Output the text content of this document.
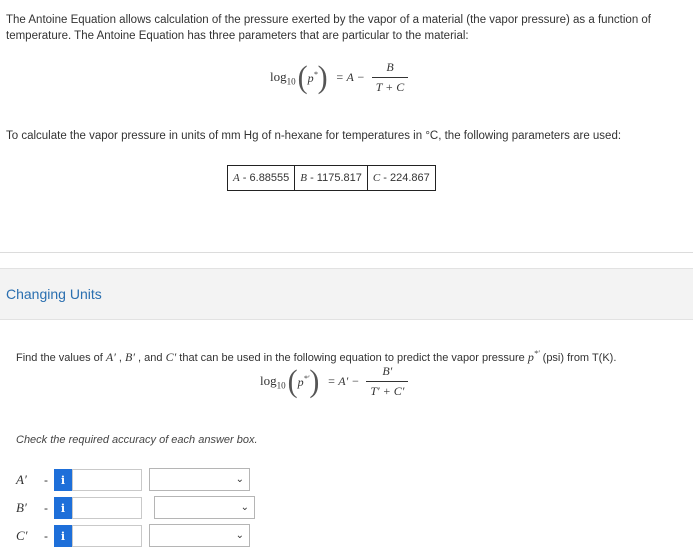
The Antoine Equation allows calculation of the pressure exerted by the vapor of a material (the vapor pressure) as a function of temperature. The Antoine Equation has three parameters that are particular to the material:
$\log_{10}$ ( p* ) = $A - \frac{B}{T + C}$
To calculate the vapor pressure in units of mm Hg of n-hexane for temperatures in °C, the following parameters are used:
A - 6.88555	B - 1175.817	C - 224.867
Changing Units
Find the values of A′ , B′ , and C′ that can be used in the following equation to predict the vapor pressure p*′ (psi) from T(K).
$\log_{10}$ ( p*′ ) = $A' - \frac{B'}{T' + C'}$
Check the required accuracy of each answer box.
A′	-	i	⌄
B′	-	i	⌄
C′	-	i	⌄
